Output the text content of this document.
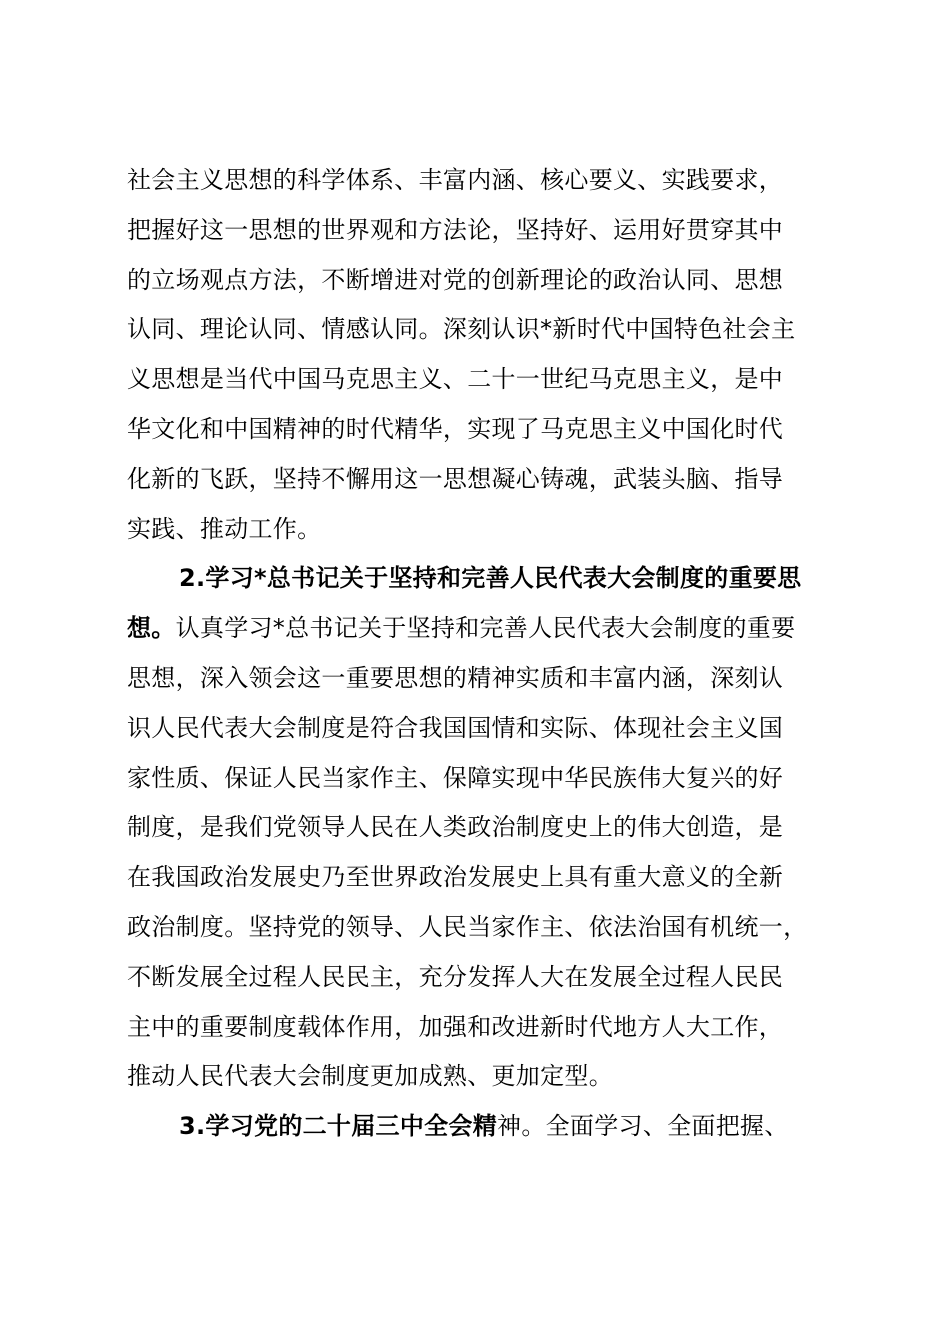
社会主义思想的科学体系、丰富内涵、核心要义、实践要求，
把握好这一思想的世界观和方法论，坚持好、运用好贯穿其中
的立场观点方法，不断增进对党的创新理论的政治认同、思想
认同、理论认同、情感认同。深刻认识*新时代中国特色社会主
义思想是当代中国马克思主义、二十一世纪马克思主义，是中
华文化和中国精神的时代精华，实现了马克思主义中国化时代
化新的飞跃，坚持不懈用这一思想凝心铸魂，武装头脑、指导
实践、推动工作。
2.学习*总书记关于坚持和完善人民代表大会制度的重要思
想。认真学习*总书记关于坚持和完善人民代表大会制度的重要
思想，深入领会这一重要思想的精神实质和丰富内涵，深刻认
识人民代表大会制度是符合我国国情和实际、体现社会主义国
家性质、保证人民当家作主、保障实现中华民族伟大复兴的好
制度，是我们党领导人民在人类政治制度史上的伟大创造，是
在我国政治发展史乃至世界政治发展史上具有重大意义的全新
政治制度。坚持党的领导、人民当家作主、依法治国有机统一，
不断发展全过程人民民主，充分发挥人大在发展全过程人民民
主中的重要制度载体作用，加强和改进新时代地方人大工作，
推动人民代表大会制度更加成熟、更加定型。
3.学习党的二十届三中全会精神。全面学习、全面把握、
